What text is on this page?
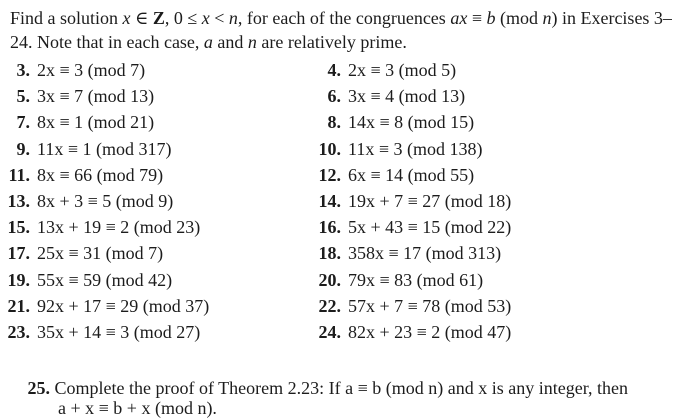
Find a solution x ∈ Z, 0 ≤ x < n, for each of the congruences ax ≡ b (mod n) in Exercises 3–24. Note that in each case, a and n are relatively prime.

3. 2x ≡ 3 (mod 7)	4. 2x ≡ 3 (mod 5)
5. 3x ≡ 7 (mod 13)	6. 3x ≡ 4 (mod 13)
7. 8x ≡ 1 (mod 21)	8. 14x ≡ 8 (mod 15)
9. 11x ≡ 1 (mod 317)	10. 11x ≡ 3 (mod 138)
11. 8x ≡ 66 (mod 79)	12. 6x ≡ 14 (mod 55)
13. 8x + 3 ≡ 5 (mod 9)	14. 19x + 7 ≡ 27 (mod 18)
15. 13x + 19 ≡ 2 (mod 23)	16. 5x + 43 ≡ 15 (mod 22)
17. 25x ≡ 31 (mod 7)	18. 358x ≡ 17 (mod 313)
19. 55x ≡ 59 (mod 42)	20. 79x ≡ 83 (mod 61)
21. 92x + 17 ≡ 29 (mod 37)	22. 57x + 7 ≡ 78 (mod 53)
23. 35x + 14 ≡ 3 (mod 27)	24. 82x + 23 ≡ 2 (mod 47)
25. Complete the proof of Theorem 2.23: If a ≡ b (mod n) and x is any integer, then
a + x ≡ b + x (mod n).
